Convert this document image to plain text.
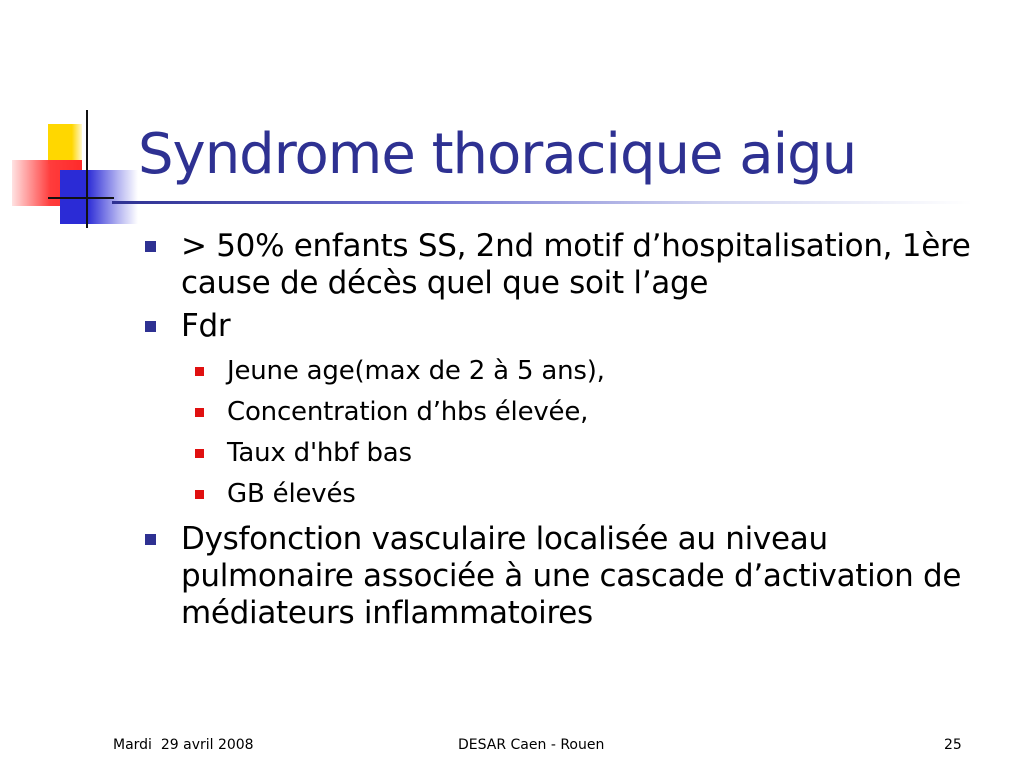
Syndrome thoracique aigu
> 50% enfants SS, 2nd motif d’hospitalisation, 1ère cause de décès quel que soit l’age
Fdr
Jeune age(max de 2 à 5 ans),
Concentration d’hbs élevée,
Taux d'hbf bas
GB élevés
Dysfonction vasculaire localisée au niveau pulmonaire associée à une cascade d’activation de médiateurs inflammatoires
Mardi  29 avril 2008	DESAR Caen - Rouen	25
